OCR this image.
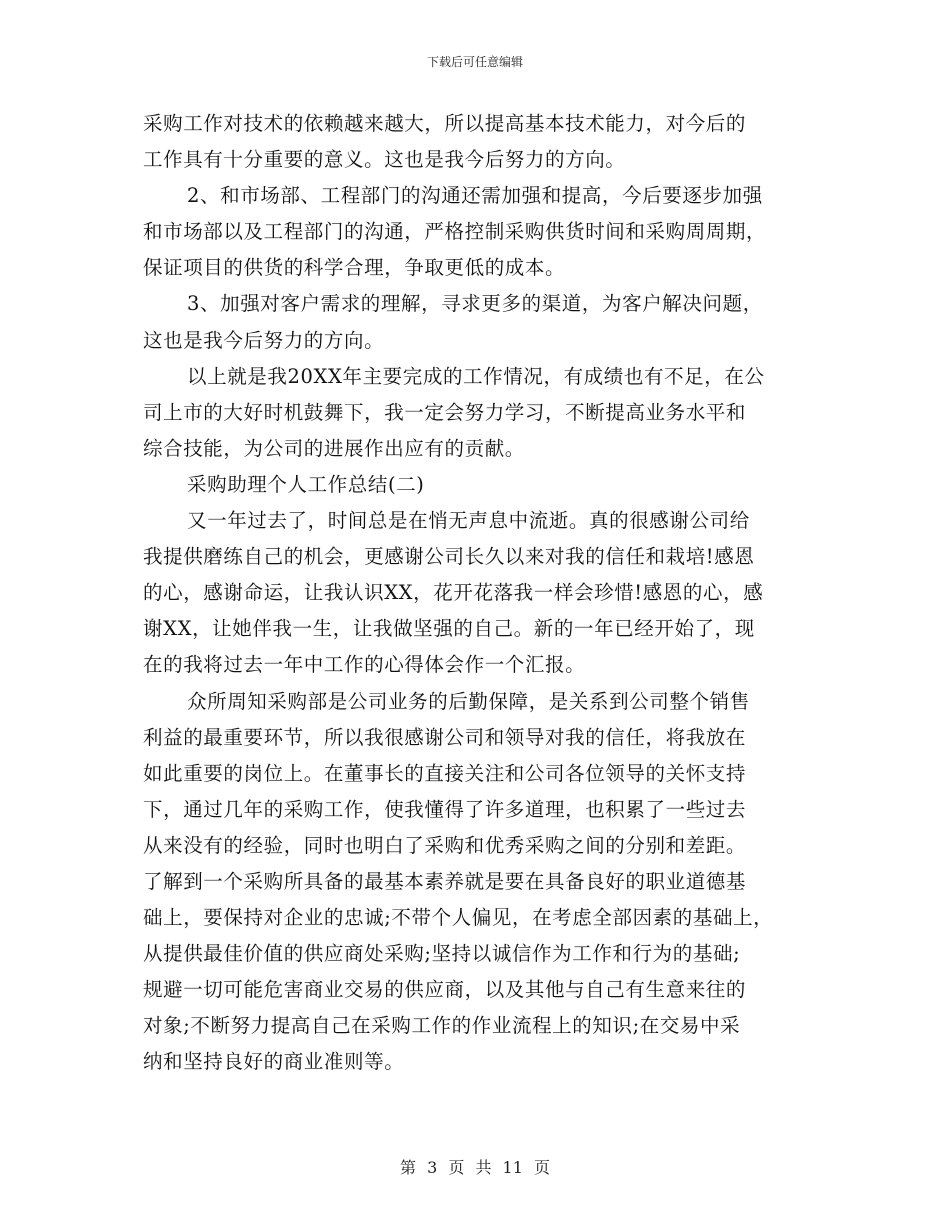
下载后可任意编辑
采购工作对技术的依赖越来越大，所以提高基本技术能力，对今后的
工作具有十分重要的意义。这也是我今后努力的方向。
2、和市场部、工程部门的沟通还需加强和提高，今后要逐步加强
和市场部以及工程部门的沟通，严格控制采购供货时间和采购周周期，
保证项目的供货的科学合理，争取更低的成本。
3、加强对客户需求的理解，寻求更多的渠道，为客户解决问题，
这也是我今后努力的方向。
以上就是我20XX年主要完成的工作情况，有成绩也有不足，在公
司上市的大好时机鼓舞下，我一定会努力学习，不断提高业务水平和
综合技能，为公司的进展作出应有的贡献。
采购助理个人工作总结(二)
又一年过去了，时间总是在悄无声息中流逝。真的很感谢公司给
我提供磨练自己的机会，更感谢公司长久以来对我的信任和栽培!感恩
的心，感谢命运，让我认识XX，花开花落我一样会珍惜!感恩的心，感
谢XX，让她伴我一生，让我做坚强的自己。新的一年已经开始了，现
在的我将过去一年中工作的心得体会作一个汇报。
众所周知采购部是公司业务的后勤保障，是关系到公司整个销售
利益的最重要环节，所以我很感谢公司和领导对我的信任，将我放在
如此重要的岗位上。在董事长的直接关注和公司各位领导的关怀支持
下，通过几年的采购工作，使我懂得了许多道理，也积累了一些过去
从来没有的经验，同时也明白了采购和优秀采购之间的分别和差距。
了解到一个采购所具备的最基本素养就是要在具备良好的职业道德基
础上，要保持对企业的忠诚;不带个人偏见，在考虑全部因素的基础上，
从提供最佳价值的供应商处采购;坚持以诚信作为工作和行为的基础;
规避一切可能危害商业交易的供应商，以及其他与自己有生意来往的
对象;不断努力提高自己在采购工作的作业流程上的知识;在交易中采
纳和坚持良好的商业准则等。
第 3 页 共 11 页
